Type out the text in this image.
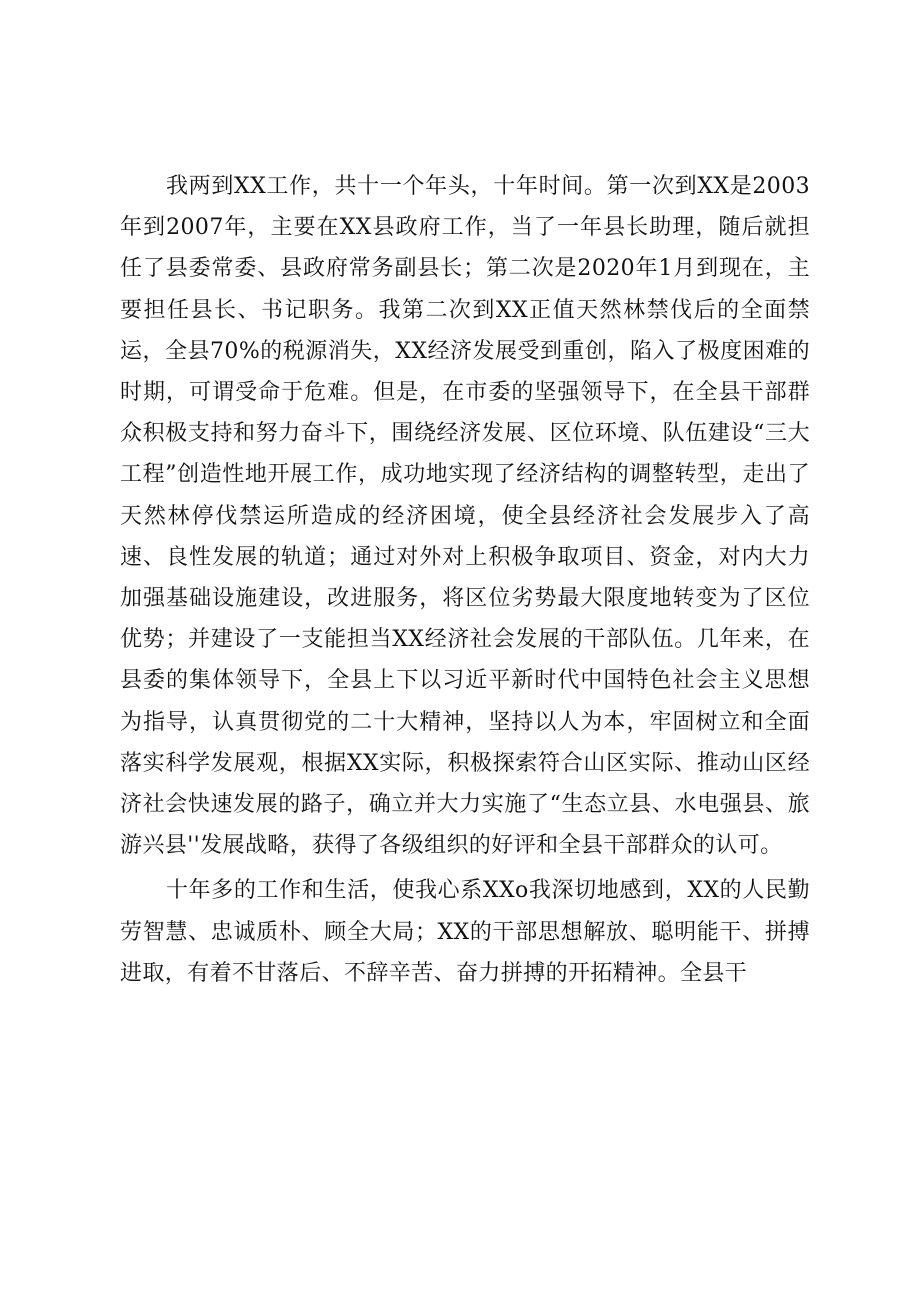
我两到XX工作，共十一个年头，十年时间。第一次到XX是2003年到2007年，主要在XX县政府工作，当了一年县长助理，随后就担任了县委常委、县政府常务副县长；第二次是2020年1月到现在，主要担任县长、书记职务。我第二次到XX正值天然林禁伐后的全面禁运，全县70%的税源消失，XX经济发展受到重创，陷入了极度困难的时期，可谓受命于危难。但是，在市委的坚强领导下，在全县干部群众积极支持和努力奋斗下，围绕经济发展、区位环境、队伍建设“三大工程”创造性地开展工作，成功地实现了经济结构的调整转型，走出了天然林停伐禁运所造成的经济困境，使全县经济社会发展步入了高速、良性发展的轨道；通过对外对上积极争取项目、资金，对内大力加强基础设施建设，改进服务，将区位劣势最大限度地转变为了区位优势；并建设了一支能担当XX经济社会发展的干部队伍。几年来，在县委的集体领导下，全县上下以习近平新时代中国特色社会主义思想为指导，认真贯彻党的二十大精神，坚持以人为本，牢固树立和全面落实科学发展观，根据XX实际，积极探索符合山区实际、推动山区经济社会快速发展的路子，确立并大力实施了“生态立县、水电强县、旅游兴县''发展战略，获得了各级组织的好评和全县干部群众的认可。

十年多的工作和生活，使我心系XXo我深切地感到，XX的人民勤劳智慧、忠诚质朴、顾全大局；XX的干部思想解放、聪明能干、拼搏进取，有着不甘落后、不辞辛苦、奋力拼搏的开拓精神。全县干
